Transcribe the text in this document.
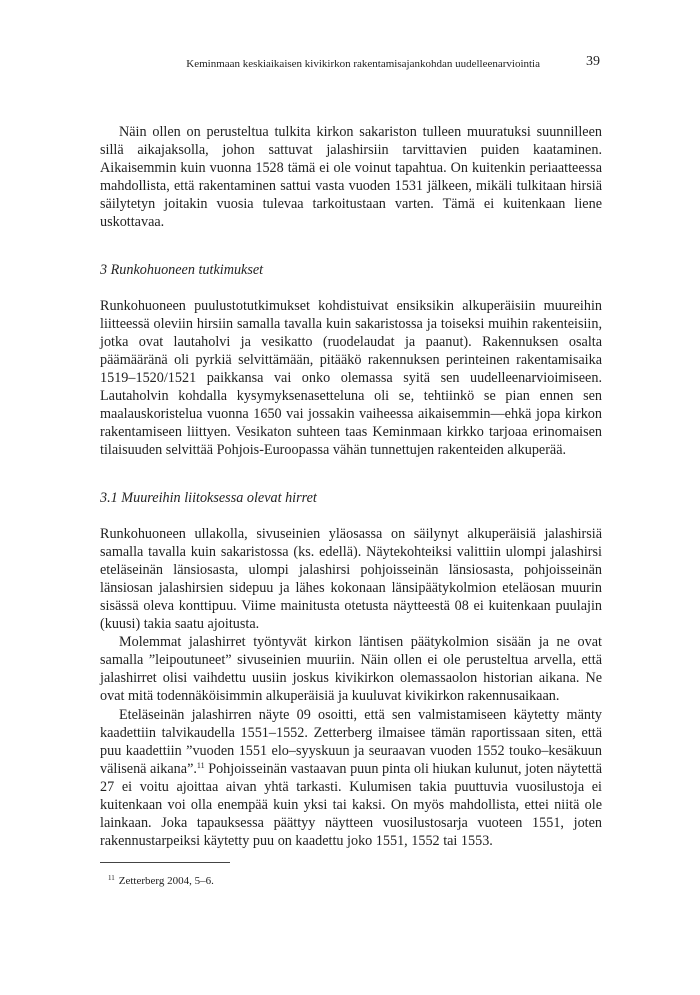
Keminmaan keskiaikaisen kivikirkon rakentamisajankohdan uudelleenarviointia	39

Näin ollen on perusteltua tulkita kirkon sakariston tulleen muuratuksi suunnilleen sillä aikajaksolla, johon sattuvat jalashirsiin tarvittavien puiden kaataminen. Aikaisemmin kuin vuonna 1528 tämä ei ole voinut tapahtua. On kuitenkin periaatteessa mahdollista, että rakentaminen sattui vasta vuoden 1531 jälkeen, mikäli tulkitaan hirsiä säilytetyn joitakin vuosia tulevaa tarkoitustaan varten. Tämä ei kuitenkaan liene uskottavaa.

3 Runkohuoneen tutkimukset

Runkohuoneen puulustotutkimukset kohdistuivat ensiksikin alkuperäisiin muureihin liitteessä oleviin hirsiin samalla tavalla kuin sakaristossa ja toiseksi muihin rakenteisiin, jotka ovat lautaholvi ja vesikatto (ruodelaudat ja paanut). Rakennuksen osalta päämääränä oli pyrkiä selvittämään, pitääkö rakennuksen perinteinen rakentamisaika 1519–1520/1521 paikkansa vai onko olemassa syitä sen uudelleenarvioimiseen. Lautaholvin kohdalla kysymyksenasetteluna oli se, tehtiinkö se pian ennen sen maalauskoristelua vuonna 1650 vai jossakin vaiheessa aikaisemmin—ehkä jopa kirkon rakentamiseen liittyen. Vesikaton suhteen taas Keminmaan kirkko tarjoaa erinomaisen tilaisuuden selvittää Pohjois-Euroopassa vähän tunnettujen rakenteiden alkuperää.

3.1 Muureihin liitoksessa olevat hirret

Runkohuoneen ullakolla, sivuseinien yläosassa on säilynyt alkuperäisiä jalashirsiä samalla tavalla kuin sakaristossa (ks. edellä). Näytekohteiksi valittiin ulompi jalashirsi eteläseinän länsiosasta, ulompi jalashirsi pohjoisseinän länsiosasta, pohjoisseinän länsiosan jalashirsien sidepuu ja lähes kokonaan länsipäätykolmion eteläosan muurin sisässä oleva konttipuu. Viime mainitusta otetusta näytteestä 08 ei kuitenkaan puulajin (kuusi) takia saatu ajoitusta.

Molemmat jalashirret työntyvät kirkon läntisen päätykolmion sisään ja ne ovat samalla ”leipoutuneet” sivuseinien muuriin. Näin ollen ei ole perusteltua arvella, että jalashirret olisi vaihdettu uusiin joskus kivikirkon olemassaolon historian aikana. Ne ovat mitä todennäköisimmin alkuperäisiä ja kuuluvat kivikirkon rakennusaikaan.

Eteläseinän jalashirren näyte 09 osoitti, että sen valmistamiseen käytetty mänty kaadettiin talvikaudella 1551–1552. Zetterberg ilmaisee tämän raportissaan siten, että puu kaadettiin ”vuoden 1551 elo–syyskuun ja seuraavan vuoden 1552 touko–kesäkuun välisenä aikana”.$^{11}$ Pohjoisseinän vastaavan puun pinta oli hiukan kulunut, joten näytettä 27 ei voitu ajoittaa aivan yhtä tarkasti. Kulumisen takia puuttuvia vuosilustoja ei kuitenkaan voi olla enempää kuin yksi tai kaksi. On myös mahdollista, ettei niitä ole lainkaan. Joka tapauksessa päättyy näytteen vuosilustosarja vuoteen 1551, joten rakennustarpeiksi käytetty puu on kaadettu joko 1551, 1552 tai 1553.

$^{11}$ Zetterberg 2004, 5–6.
